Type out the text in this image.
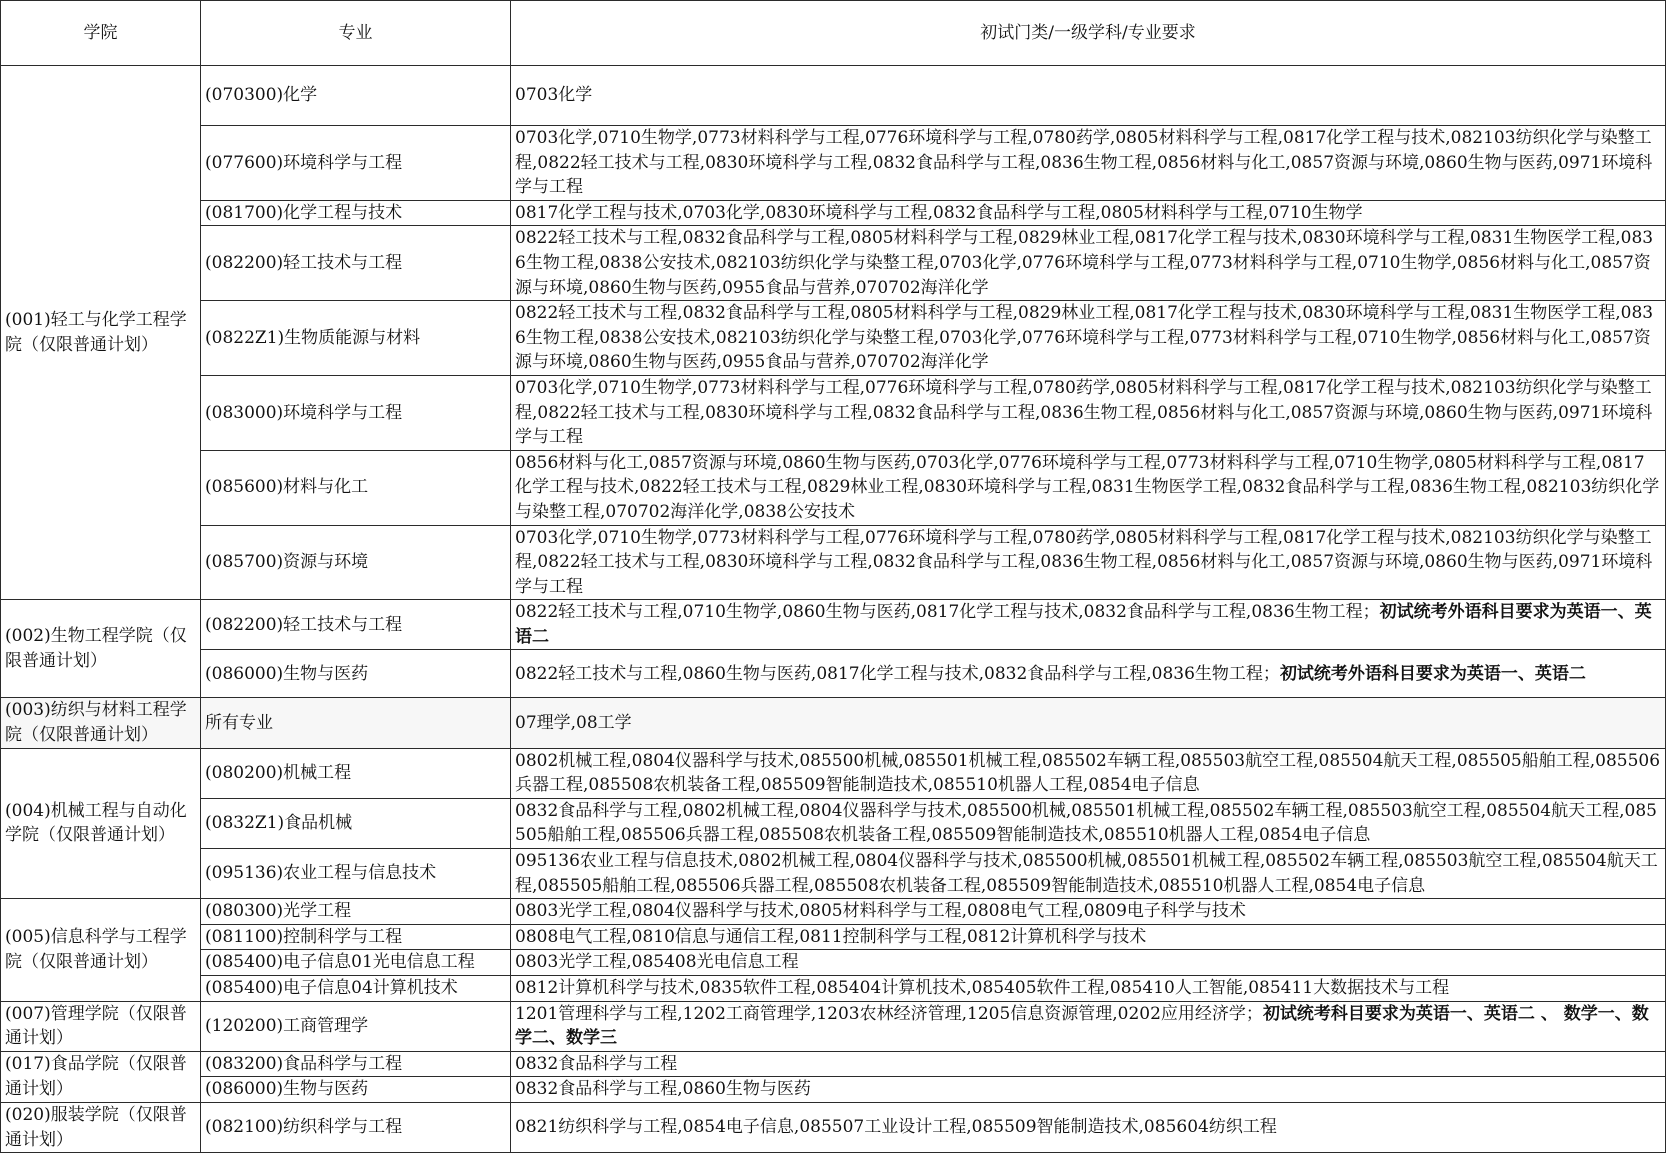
学院	专业	初试门类/一级学科/专业要求
(001)轻工与化学工程学院（仅限普通计划）	(070300)化学	0703化学
	(077600)环境科学与工程	0703化学,0710生物学,0773材料科学与工程,0776环境科学与工程,0780药学,0805材料科学与工程,0817化学工程与技术,082103纺织化学与染整工程,0822轻工技术与工程,0830环境科学与工程,0832食品科学与工程,0836生物工程,0856材料与化工,0857资源与环境,0860生物与医药,0971环境科学与工程
	(081700)化学工程与技术	0817化学工程与技术,0703化学,0830环境科学与工程,0832食品科学与工程,0805材料科学与工程,0710生物学
	(082200)轻工技术与工程	0822轻工技术与工程,0832食品科学与工程,0805材料科学与工程,0829林业工程,0817化学工程与技术,0830环境科学与工程,0831生物医学工程,0836生物工程,0838公安技术,082103纺织化学与染整工程,0703化学,0776环境科学与工程,0773材料科学与工程,0710生物学,0856材料与化工,0857资源与环境,0860生物与医药,0955食品与营养,070702海洋化学
	(0822Z1)生物质能源与材料	0822轻工技术与工程,0832食品科学与工程,0805材料科学与工程,0829林业工程,0817化学工程与技术,0830环境科学与工程,0831生物医学工程,0836生物工程,0838公安技术,082103纺织化学与染整工程,0703化学,0776环境科学与工程,0773材料科学与工程,0710生物学,0856材料与化工,0857资源与环境,0860生物与医药,0955食品与营养,070702海洋化学
	(083000)环境科学与工程	0703化学,0710生物学,0773材料科学与工程,0776环境科学与工程,0780药学,0805材料科学与工程,0817化学工程与技术,082103纺织化学与染整工程,0822轻工技术与工程,0830环境科学与工程,0832食品科学与工程,0836生物工程,0856材料与化工,0857资源与环境,0860生物与医药,0971环境科学与工程
	(085600)材料与化工	0856材料与化工,0857资源与环境,0860生物与医药,0703化学,0776环境科学与工程,0773材料科学与工程,0710生物学,0805材料科学与工程,0817化学工程与技术,0822轻工技术与工程,0829林业工程,0830环境科学与工程,0831生物医学工程,0832食品科学与工程,0836生物工程,082103纺织化学与染整工程,070702海洋化学,0838公安技术
	(085700)资源与环境	0703化学,0710生物学,0773材料科学与工程,0776环境科学与工程,0780药学,0805材料科学与工程,0817化学工程与技术,082103纺织化学与染整工程,0822轻工技术与工程,0830环境科学与工程,0832食品科学与工程,0836生物工程,0856材料与化工,0857资源与环境,0860生物与医药,0971环境科学与工程
(002)生物工程学院（仅限普通计划）	(082200)轻工技术与工程	0822轻工技术与工程,0710生物学,0860生物与医药,0817化学工程与技术,0832食品科学与工程,0836生物工程；初试统考外语科目要求为英语一、英语二
	(086000)生物与医药	0822轻工技术与工程,0860生物与医药,0817化学工程与技术,0832食品科学与工程,0836生物工程；初试统考外语科目要求为英语一、英语二
(003)纺织与材料工程学院（仅限普通计划）	所有专业	07理学,08工学
(004)机械工程与自动化学院（仅限普通计划）	(080200)机械工程	0802机械工程,0804仪器科学与技术,085500机械,085501机械工程,085502车辆工程,085503航空工程,085504航天工程,085505船舶工程,085506兵器工程,085508农机装备工程,085509智能制造技术,085510机器人工程,0854电子信息
	(0832Z1)食品机械	0832食品科学与工程,0802机械工程,0804仪器科学与技术,085500机械,085501机械工程,085502车辆工程,085503航空工程,085504航天工程,085505船舶工程,085506兵器工程,085508农机装备工程,085509智能制造技术,085510机器人工程,0854电子信息
	(095136)农业工程与信息技术	095136农业工程与信息技术,0802机械工程,0804仪器科学与技术,085500机械,085501机械工程,085502车辆工程,085503航空工程,085504航天工程,085505船舶工程,085506兵器工程,085508农机装备工程,085509智能制造技术,085510机器人工程,0854电子信息
(005)信息科学与工程学院（仅限普通计划）	(080300)光学工程	0803光学工程,0804仪器科学与技术,0805材料科学与工程,0808电气工程,0809电子科学与技术
	(081100)控制科学与工程	0808电气工程,0810信息与通信工程,0811控制科学与工程,0812计算机科学与技术
	(085400)电子信息01光电信息工程	0803光学工程,085408光电信息工程
	(085400)电子信息04计算机技术	0812计算机科学与技术,0835软件工程,085404计算机技术,085405软件工程,085410人工智能,085411大数据技术与工程
(007)管理学院（仅限普通计划）	(120200)工商管理学	1201管理科学与工程,1202工商管理学,1203农林经济管理,1205信息资源管理,0202应用经济学；初试统考科目要求为英语一、英语二 、 数学一、数学二、数学三
(017)食品学院（仅限普通计划）	(083200)食品科学与工程	0832食品科学与工程
	(086000)生物与医药	0832食品科学与工程,0860生物与医药
(020)服装学院（仅限普通计划）	(082100)纺织科学与工程	0821纺织科学与工程,0854电子信息,085507工业设计工程,085509智能制造技术,085604纺织工程
